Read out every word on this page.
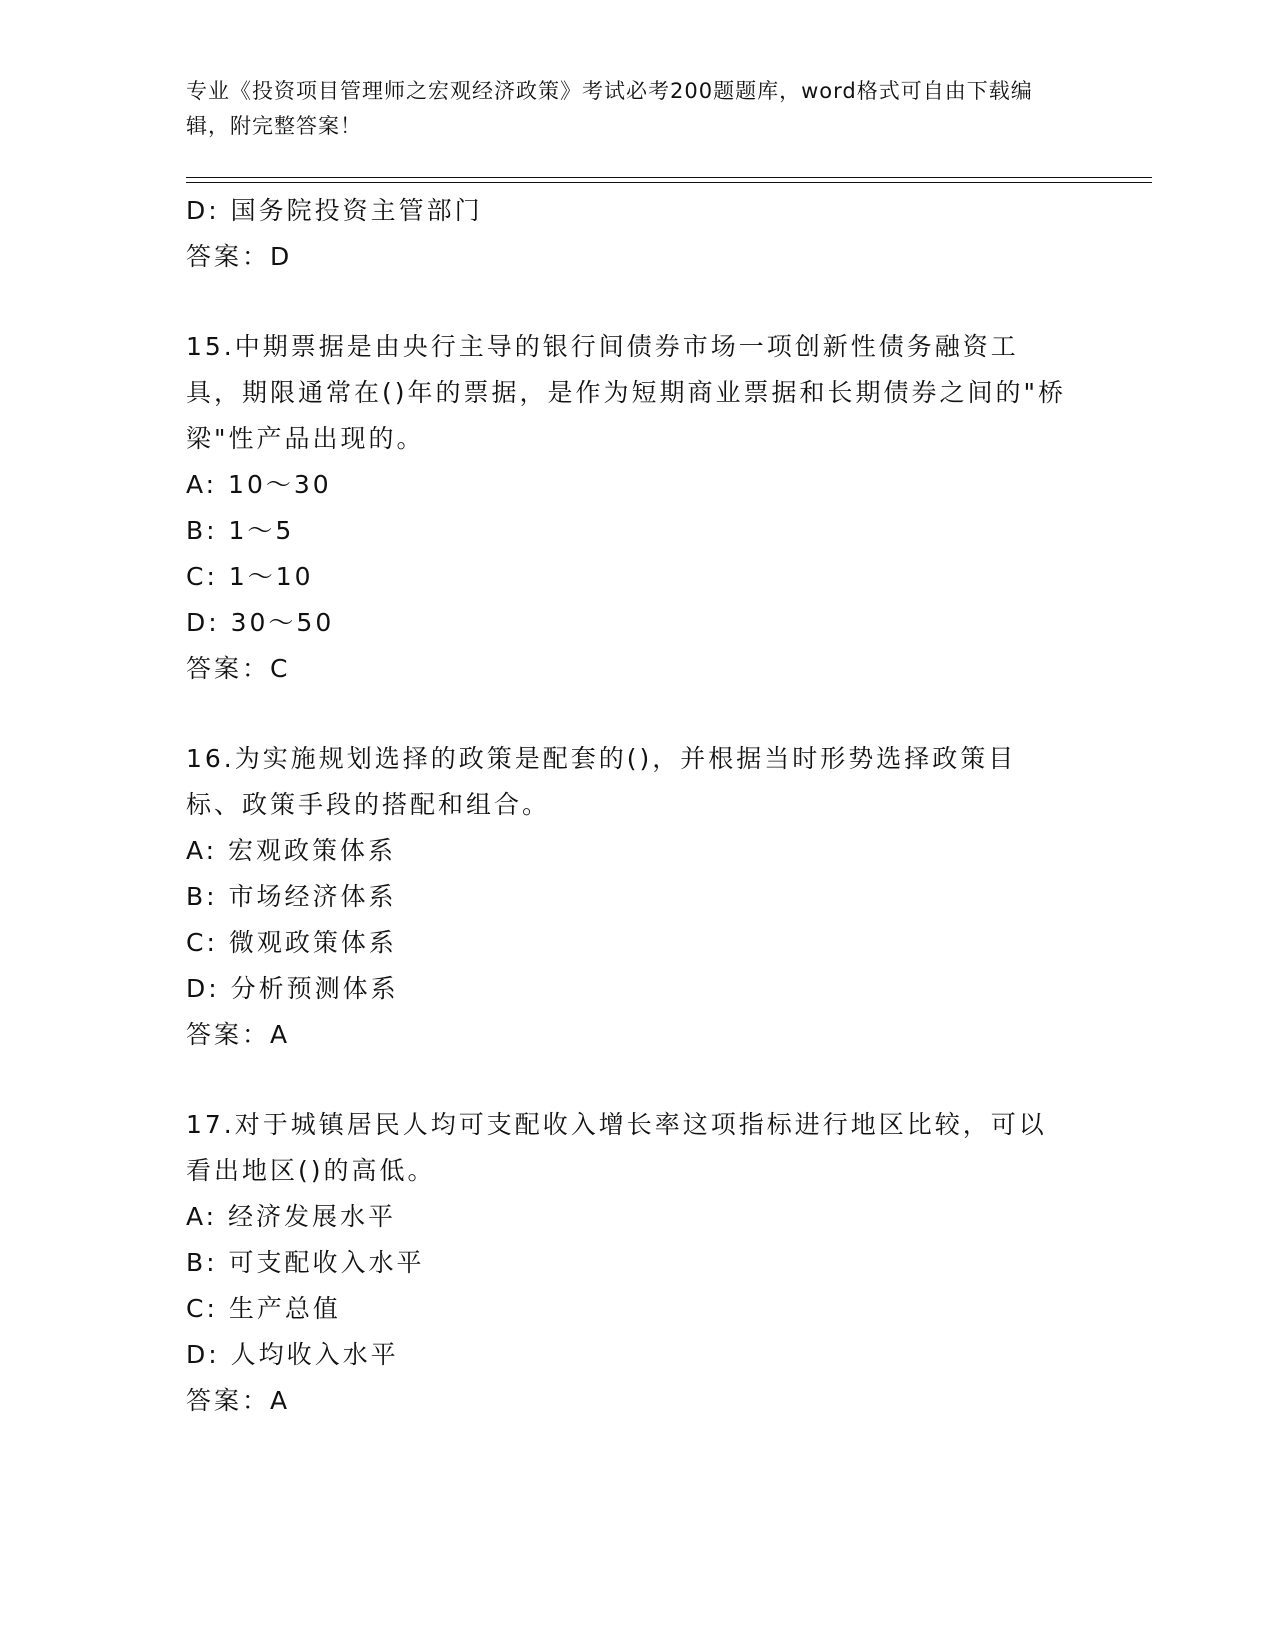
专业《投资项目管理师之宏观经济政策》考试必考200题题库，word格式可自由下载编辑，附完整答案！

D: 国务院投资主管部门
答案：D
15.中期票据是由央行主导的银行间债券市场一项创新性债务融资工具，期限通常在()年的票据，是作为短期商业票据和长期债券之间的"桥梁"性产品出现的。
A: 10～30
B: 1～5
C: 1～10
D: 30～50
答案：C
16.为实施规划选择的政策是配套的()，并根据当时形势选择政策目标、政策手段的搭配和组合。
A: 宏观政策体系
B: 市场经济体系
C: 微观政策体系
D: 分析预测体系
答案：A
17.对于城镇居民人均可支配收入增长率这项指标进行地区比较，可以看出地区()的高低。
A: 经济发展水平
B: 可支配收入水平
C: 生产总值
D: 人均收入水平
答案：A
